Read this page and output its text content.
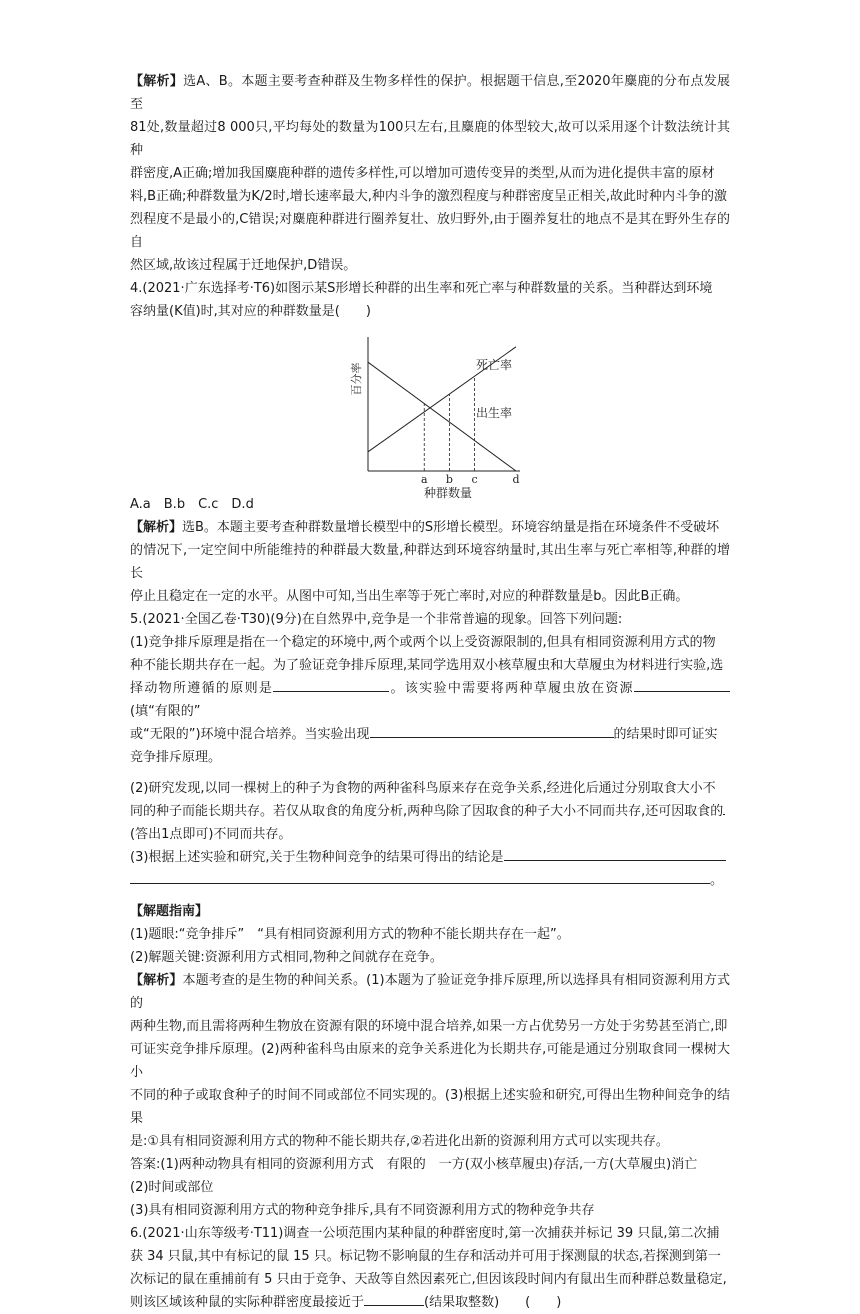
【解析】选A、B。本题主要考查种群及生物多样性的保护。根据题干信息,至2020年麋鹿的分布点发展至

81处,数量超过8 000只,平均每处的数量为100只左右,且麋鹿的体型较大,故可以采用逐个计数法统计其种

群密度,A正确;增加我国麋鹿种群的遗传多样性,可以增加可遗传变异的类型,从而为进化提供丰富的原材

料,B正确;种群数量为K/2时,增长速率最大,种内斗争的激烈程度与种群密度呈正相关,故此时种内斗争的激

烈程度不是最小的,C错误;对麋鹿种群进行圈养复壮、放归野外,由于圈养复壮的地点不是其在野外生存的自

然区域,故该过程属于迁地保护,D错误。

4.(2021·广东选择考·T6)如图示某S形增长种群的出生率和死亡率与种群数量的关系。当种群达到环境

容纳量(K值)时,其对应的种群数量是(　　)

死亡率
出生率
a b c	d
种群数量
百分率

A.a　B.b　C.c　D.d

【解析】选B。本题主要考查种群数量增长模型中的S形增长模型。环境容纳量是指在环境条件不受破坏

的情况下,一定空间中所能维持的种群最大数量,种群达到环境容纳量时,其出生率与死亡率相等,种群的增长

停止且稳定在一定的水平。从图中可知,当出生率等于死亡率时,对应的种群数量是b。因此B正确。

5.(2021·全国乙卷·T30)(9分)在自然界中,竞争是一个非常普遍的现象。回答下列问题:

(1)竞争排斥原理是指在一个稳定的环境中,两个或两个以上受资源限制的,但具有相同资源利用方式的物

种不能长期共存在一起。为了验证竞争排斥原理,某同学选用双小核草履虫和大草履虫为材料进行实验,选

择动物所遵循的原则是	。该实验中需要将两种草履虫放在资源(填“有限的”

或“无限的”)环境中混合培养。当实验出现	的结果时即可证实

竞争排斥原理。

(2)研究发现,以同一棵树上的种子为食物的两种雀科鸟原来存在竞争关系,经进化后通过分别取食大小不

同的种子而能长期共存。若仅从取食的角度分析,两种鸟除了因取食的种子大小不同而共存,还可因取食的

(答出1点即可)不同而共存。

(3)根据上述实验和研究,关于生物种间竞争的结果可得出的结论是

。

【解题指南】

(1)题眼:“竞争排斥”　“具有相同资源利用方式的物种不能长期共存在一起”。

(2)解题关键:资源利用方式相同,物种之间就存在竞争。

【解析】本题考查的是生物的种间关系。(1)本题为了验证竞争排斥原理,所以选择具有相同资源利用方式的

两种生物,而且需将两种生物放在资源有限的环境中混合培养,如果一方占优势另一方处于劣势甚至消亡,即

可证实竞争排斥原理。(2)两种雀科鸟由原来的竞争关系进化为长期共存,可能是通过分别取食同一棵树大小

不同的种子或取食种子的时间不同或部位不同实现的。(3)根据上述实验和研究,可得出生物种间竞争的结果

是:①具有相同资源利用方式的物种不能长期共存,②若进化出新的资源利用方式可以实现共存。

答案:(1)两种动物具有相同的资源利用方式　有限的　一方(双小核草履虫)存活,一方(大草履虫)消亡

(2)时间或部位

(3)具有相同资源利用方式的物种竞争排斥,具有不同资源利用方式的物种竞争共存

6.(2021·山东等级考·T11)调查一公顷范围内某种鼠的种群密度时,第一次捕获并标记 39 只鼠,第二次捕

获 34 只鼠,其中有标记的鼠 15 只。标记物不影响鼠的生存和活动并可用于探测鼠的状态,若探测到第一

次标记的鼠在重捕前有 5 只由于竞争、天敌等自然因素死亡,但因该段时间内有鼠出生而种群总数量稳定,

则该区域该种鼠的实际种群密度最接近于	(结果取整数)　　(　　)
